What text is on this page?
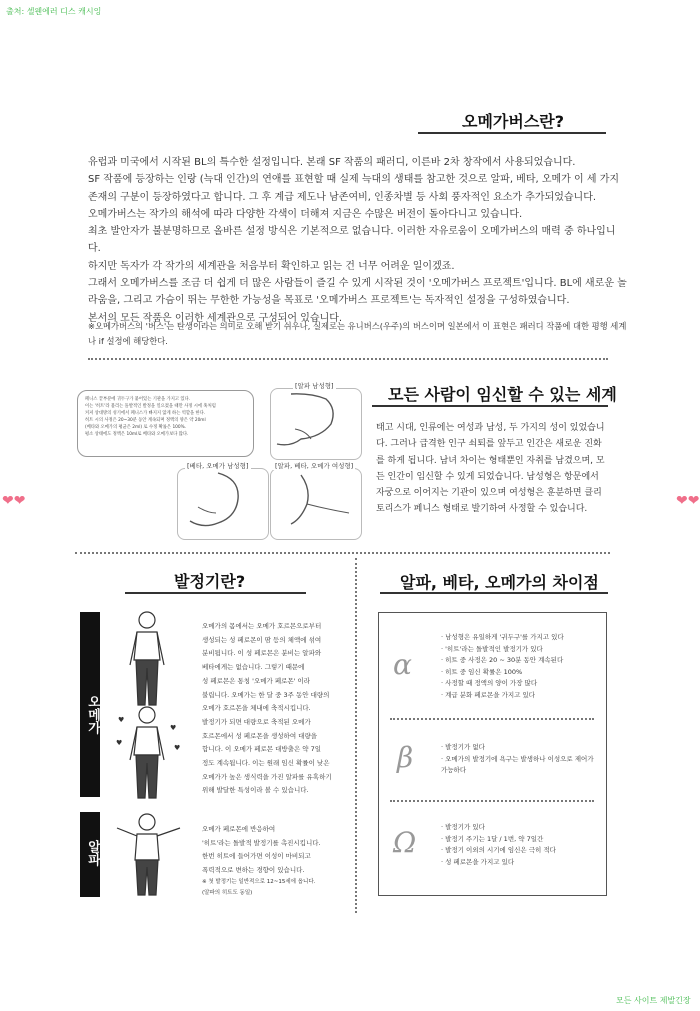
출처: 셀웬에러 디스 캐시잉
모든 사이트 제발긴장
오메가버스란?

유럽과 미국에서 시작된 BL의 특수한 설정입니다. 본래 SF 작품의 패러디, 이른바 2차 창작에서 사용되었습니다.

SF 작품에 등장하는 인랑 (늑대 인간)의 연애를 표현할 때 실제 늑대의 생태를 참고한 것으로 알파, 베타, 오메가 이 세 가지 존재의 구분이 등장하였다고 합니다. 그 후 계급 제도나 남존여비, 인종차별 등 사회 풍자적인 요소가 추가되었습니다.

오메가버스는 작가의 해석에 따라 다양한 각색이 더해져 지금은 수많은 버전이 돌아다니고 있습니다.

최초 발안자가 불분명하므로 올바른 설정 방식은 기본적으로 없습니다. 이러한 자유로움이 오메가버스의 매력 중 하나입니다.

하지만 독자가 각 작가의 세계관을 처음부터 확인하고 읽는 건 너무 어려운 일이겠죠.

그래서 오메가버스를 조금 더 쉽게 더 많은 사람들이 즐길 수 있게 시작된 것이 '오메가버스 프로젝트'입니다. BL에 새로운 놀라움을, 그리고 가슴이 뛰는 무한한 가능성을 목표로 '오메가버스 프로젝트'는 독자적인 설정을 구성하였습니다.

본서의 모든 작품은 이러한 세계관으로 구성되어 있습니다.

※오메가버스의 '버스'는 탄생이라는 의미로 오해 받기 쉬우나, 실제로는 유니버스(우주)의 버스이며 일본에서 이 표현은 패러디 작품에 대한 평행 세계나 if 설정에 해당한다.

페니스 끝부분에 귀두구가 붙어있는 기관을 가지고 있다.

이는 '히트'라 불리는 돌발적인 발정을 일으켰을 때만 사정 시에 혹처럼

커져 상대방의 성기에서 페니스가 빠지지 않게 하는 역할을 한다.

히트 시의 사정은 20~30분 동안 계속되며 정액의 양은 약 20ml

(베타와 오메가의 평균은 2ml) 로 수정 확률은 100%.

평소 상태에도 정액은 10ml로 베타와 오메가보다 많다.

[알파 남성형]
[베타, 오메가 남성형]	[알파, 베타, 오메가 여성형]
모든 사람이 임신할 수 있는 세계
태고 시대, 인류에는 여성과 남성, 두 가지의 성이 있었습니다. 그러나 급격한 인구 쇠퇴를 앞두고 인간은 새로운 진화를 하게 됩니다. 남녀 차이는 형태뿐인 자취를 남겼으며, 모든 인간이 임신할 수 있게 되었습니다. 남성형은 항문에서 자궁으로 이어지는 기관이 있으며 여성형은 훈분하면 클리토리스가 페니스 형태로 발기하여 사정할 수 있습니다.
❤❤	❤❤
발정기란?
오메가
알파
♥
♥
♥
♥

오메가의 몸에서는 오메가 호르몬으로부터

생성되는 성 페로몬이 땀 등의 체액에 섞여

분비됩니다. 이 성 페로몬은 분비는 알파와

베타에게는 없습니다. 그렇기 때문에

성 페로몬은 통칭 '오메가 페로몬' 이라

불립니다. 오메가는 한 달 중 3주 동안 대량의

오메가 호르몬을 체내에 축적시킵니다.

발정기가 되면 대량으로 축적된 오메가

호르몬에서 성 페로몬을 생성하여 대량을

합니다. 이 오메가 페로몬 대방출은 약 7일

정도 계속됩니다. 이는 원래 임신 확률이 낮은

오메가가 높은 생식력을 가진 알파를 유혹하기

위해 발달한 특성이라 볼 수 있습니다.

오메가 페로몬에 반응하여

'히트'라는 돌발적 발정기를 촉진시킵니다.

한번 히트에 들어가면 이성이 마비되고

폭력적으로 변하는 경향이 있습니다.

※ 첫 발정기는 일반적으로 12~15세에 옵니다.

(알파의 히트도 동일)

알파, 베타, 오메가의 차이점
α
β
Ω
· 남성형은 유일하게 '귀두구'를 가지고 있다
· '히트'라는 돌발적인 발정기가 있다
· 히트 중 사정은 20 ~ 30분 동안 계속된다
· 히트 중 임신 확률은 100%
· 사정할 때 정액의 양이 가장 많다
· 계급 분화 페로몬을 가지고 있다
· 발정기가 없다
· 오메가의 발정기에 욕구는 발생하나 이성으로 제어가 가능하다
· 발정기가 있다
· 발정기 주기는 1달 / 1번, 약 7일간
· 발정기 이외의 시기에 임신은 극히 적다
· 성 페로몬을 가지고 있다
